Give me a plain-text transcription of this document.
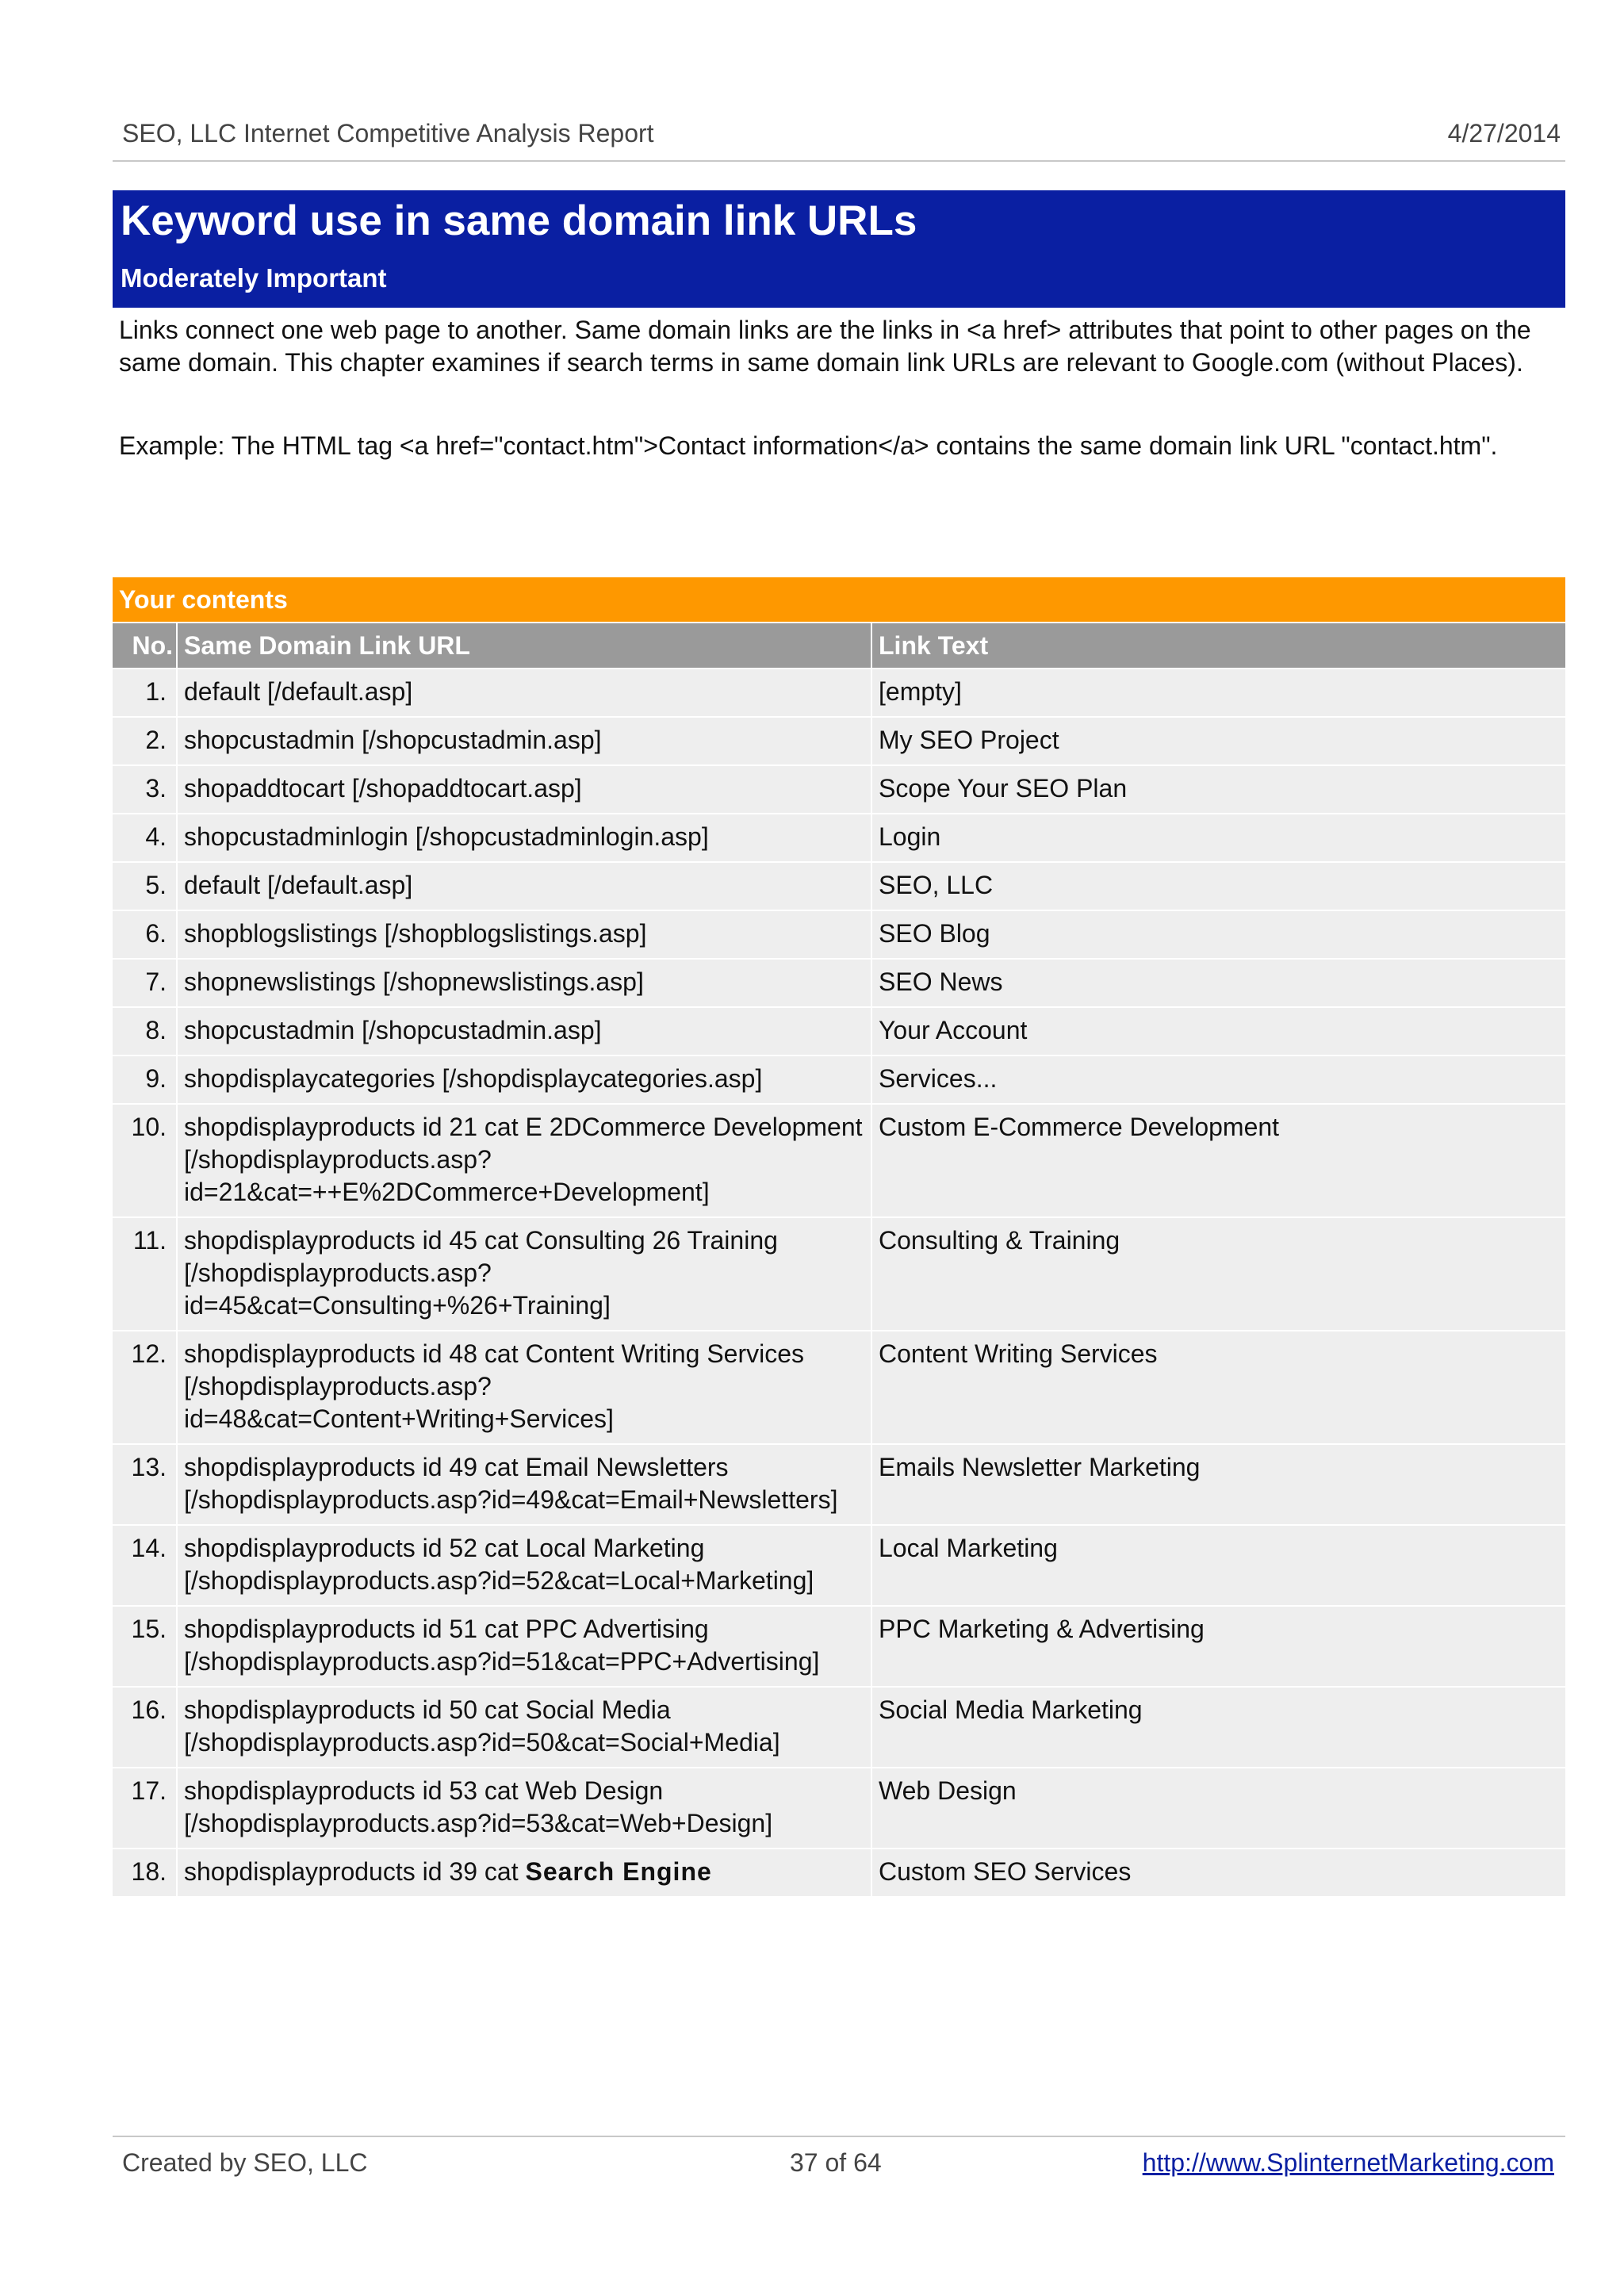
SEO, LLC Internet Competitive Analysis Report	4/27/2014
Keyword use in same domain link URLs
Moderately Important

Links connect one web page to another. Same domain links are the links in <a href> attributes that point to other pages on the same domain. This chapter examines if search terms in same domain link URLs are relevant to Google.com (without Places).

Example: The HTML tag <a href="contact.htm">Contact information</a> contains the same domain link URL "contact.htm".

Your contents
No.	Same Domain Link URL	Link Text
1.	default [/default.asp]	[empty]
2.	shopcustadmin [/shopcustadmin.asp]	My SEO Project
3.	shopaddtocart [/shopaddtocart.asp]	Scope Your SEO Plan
4.	shopcustadminlogin [/shopcustadminlogin.asp]	Login
5.	default [/default.asp]	SEO, LLC
6.	shopblogslistings [/shopblogslistings.asp]	SEO Blog
7.	shopnewslistings [/shopnewslistings.asp]	SEO News
8.	shopcustadmin [/shopcustadmin.asp]	Your Account
9.	shopdisplaycategories [/shopdisplaycategories.asp]	Services...
10.	shopdisplayproducts id 21 cat E 2DCommerce Development [/shopdisplayproducts.asp?id=21&cat=++E%2DCommerce+Development]	Custom E-Commerce Development
11.	shopdisplayproducts id 45 cat Consulting 26 Training [/shopdisplayproducts.asp?id=45&cat=Consulting+%26+Training]	Consulting & Training
12.	shopdisplayproducts id 48 cat Content Writing Services [/shopdisplayproducts.asp?id=48&cat=Content+Writing+Services]	Content Writing Services
13.	shopdisplayproducts id 49 cat Email Newsletters [/shopdisplayproducts.asp?id=49&cat=Email+Newsletters]	Emails Newsletter Marketing
14.	shopdisplayproducts id 52 cat Local Marketing [/shopdisplayproducts.asp?id=52&cat=Local+Marketing]	Local Marketing
15.	shopdisplayproducts id 51 cat PPC Advertising [/shopdisplayproducts.asp?id=51&cat=PPC+Advertising]	PPC Marketing & Advertising
16.	shopdisplayproducts id 50 cat Social Media [/shopdisplayproducts.asp?id=50&cat=Social+Media]	Social Media Marketing
17.	shopdisplayproducts id 53 cat Web Design [/shopdisplayproducts.asp?id=53&cat=Web+Design]	Web Design
18.	shopdisplayproducts id 39 cat Search Engine	Custom SEO Services
Created by SEO, LLC	37 of 64	http://www.SplinternetMarketing.com
